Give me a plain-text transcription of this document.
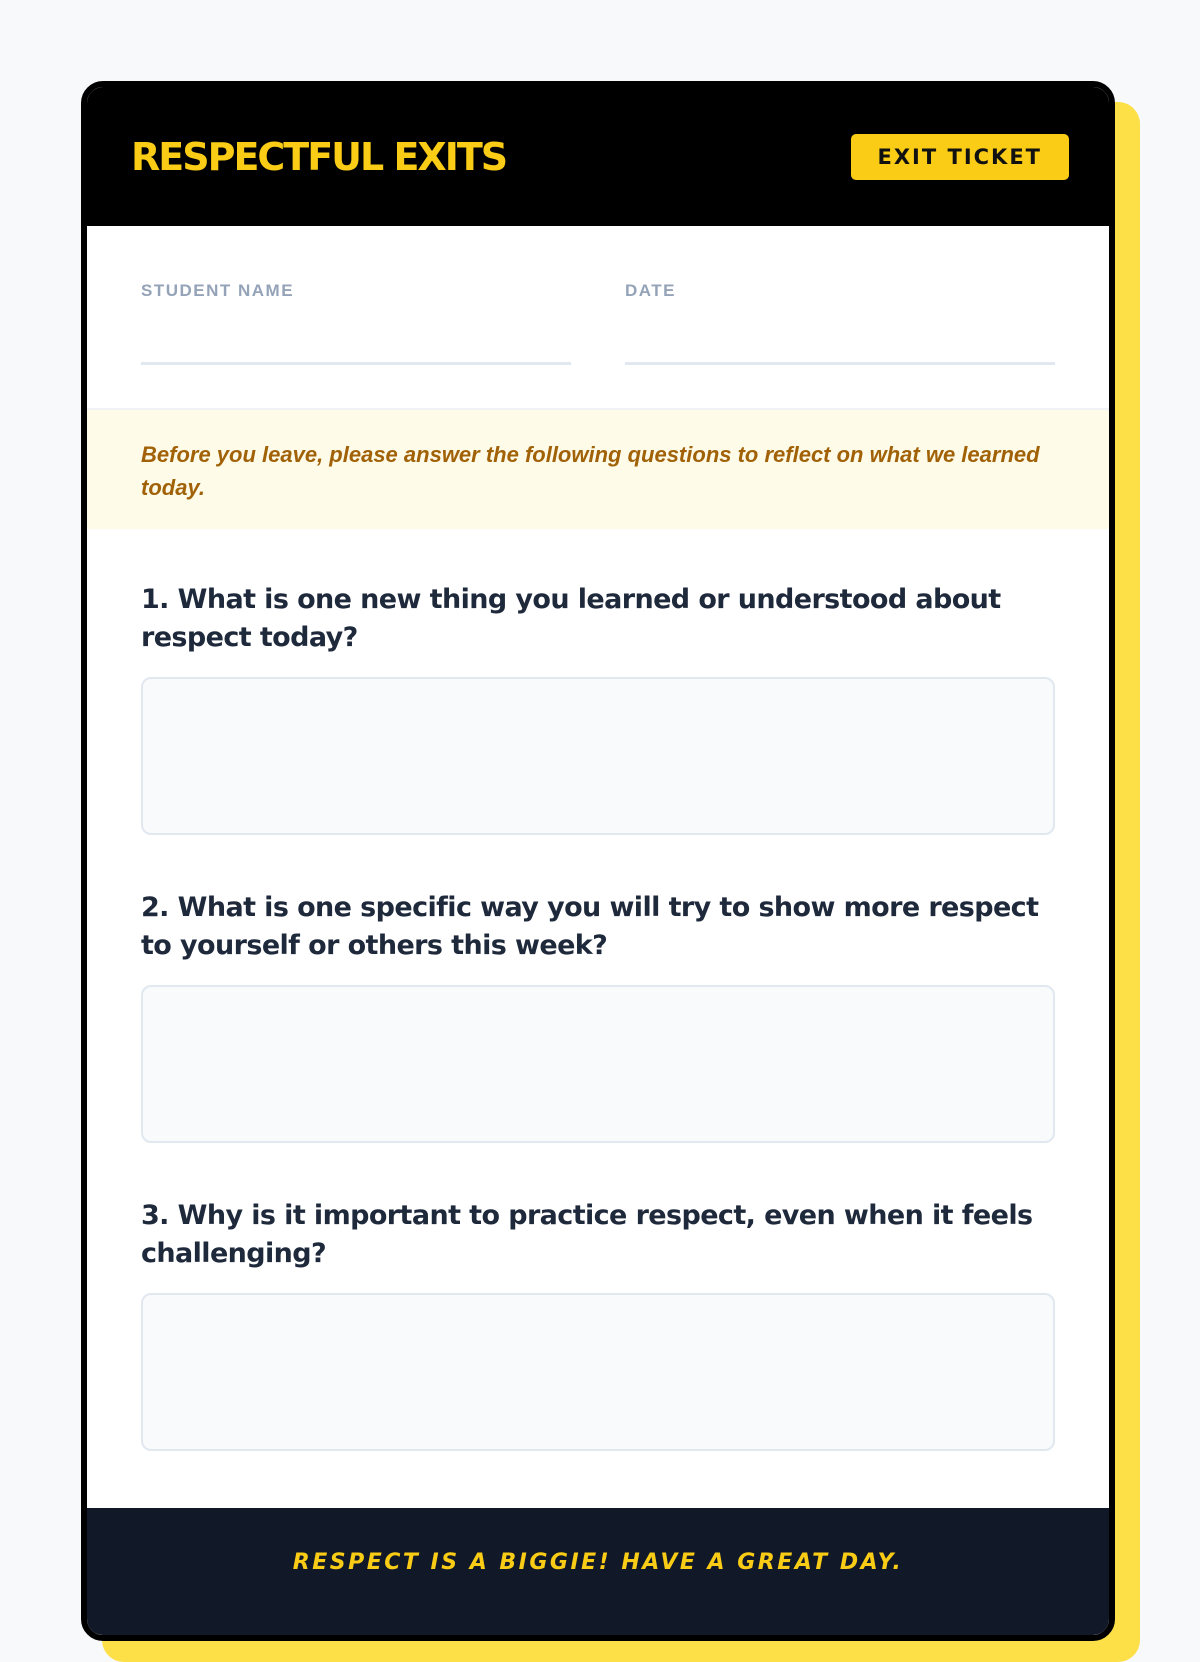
RESPECTFUL EXITS	EXIT TICKET
STUDENT NAME	DATE
Before you leave, please answer the following questions to reflect on what we learned today.

1. What is one new thing you learned or understood about respect today?

2. What is one specific way you will try to show more respect to yourself or others this week?

3. Why is it important to practice respect, even when it feels challenging?

RESPECT IS A BIGGIE! HAVE A GREAT DAY.
